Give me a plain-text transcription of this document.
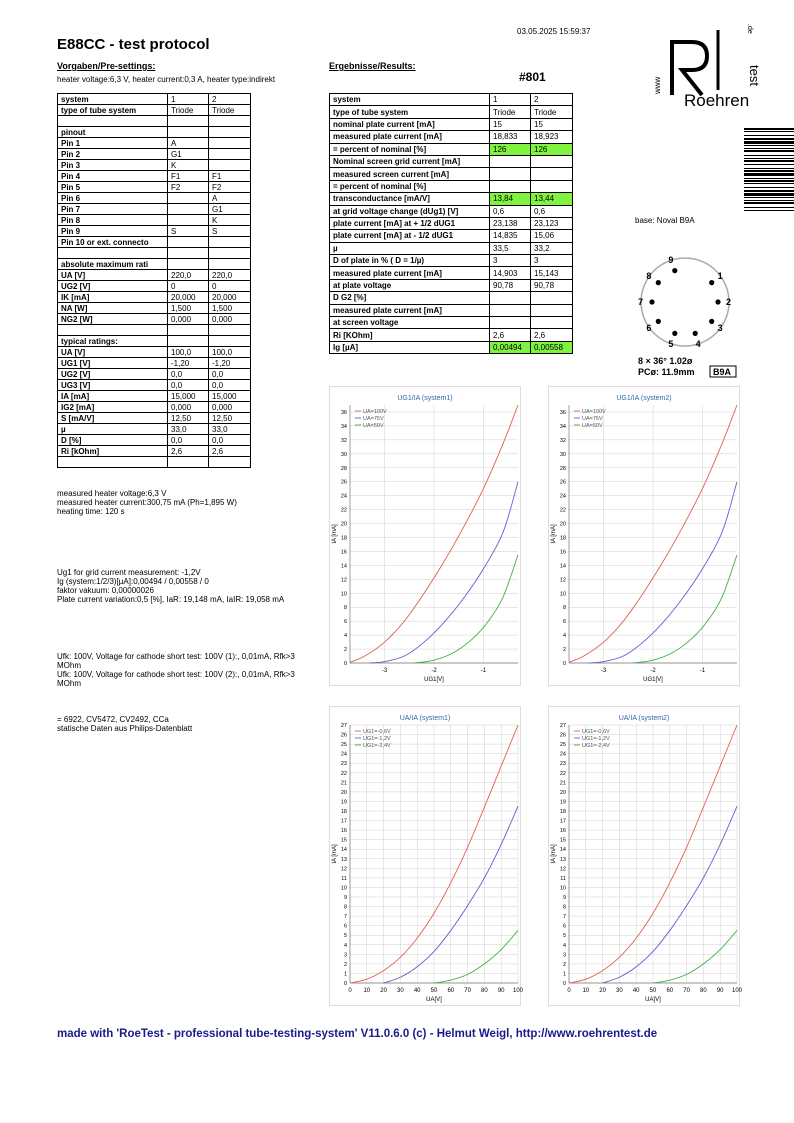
E88CC - test protocol
03.05.2025 15:59:37
Vorgaben/Pre-settings:	Ergebnisse/Results:
heater voltage:6,3 V, heater current:0,3 A, heater type:indirekt	#801	www
Roehren
test
.de
system	1	2
type of tube system	Triode	Triode

pinout		
Pin 1	A	
Pin 2	G1	
Pin 3	K	
Pin 4	F1	F1
Pin 5	F2	F2
Pin 6		A
Pin 7		G1
Pin 8		K
Pin 9	S	S
Pin 10 or ext. connecto		

absolute maximum rati		
UA [V]	220,0	220,0
UG2 [V]	0	0
IK [mA]	20,000	20,000
NA [W]	1,500	1,500
NG2 [W]	0,000	0,000

typical ratings:		
UA [V]	100,0	100,0
UG1 [V]	-1,20	-1,20
UG2 [V]	0,0	0,0
UG3 [V]	0,0	0,0
IA [mA]	15,000	15,000
IG2 [mA]	0,000	0,000
S [mA/V]	12,50	12,50
µ	33,0	33,0
D [%]	0,0	0,0
Ri [kOhm]	2,6	2,6

system	1	2
type of tube system	Triode	Triode
nominal plate current [mA]	15	15
measured plate current [mA]	18,833	18,923
= percent of nominal [%]	126	126
Nominal screen grid current [mA]		
measured screen current [mA]		
= percent of nominal [%]		
transconductance [mA/V]	13,84	13,44
at grid voltage change (dUg1) [V]	0,6	0,6
plate current [mA] at + 1/2 dUG1	23,138	23,123
plate current [mA] at - 1/2 dUG1	14,835	15,06
µ	33,5	33,2
D of plate in % ( D = 1/µ)	3	3
measured plate current [mA]	14,903	15,143
at plate voltage	90,78	90,78
D G2 [%]		
measured plate current [mA]		
at screen voltage		
Ri [KOhm]	2,6	2,6
Ig [µA]	0,00494	0,00558
base: Noval B9A
8 × 36° 1.02ø
PCø: 11.9mm B9A
1
2
3
4
5
6
7
8
9
measured heater voltage:6,3 V
measured heater current:300,75 mA (Ph=1,895 W)
heating time: 120 s
Ug1 for grid current measurement: -1,2V
Ig (system:1/2/3)[µA]:0,00494 / 0,00558 / 0
faktor vakuum: 0,00000026
Plate current variation:0,5 [%], IaR: 19,148 mA, IaIR: 19,058 mA
Ufk: 100V, Voltage for cathode short test: 100V (1):, 0,01mA, Rfk>3 MOhm
Ufk: 100V, Voltage for cathode short test: 100V (2):, 0,01mA, Rfk>3 MOhm
= 6922, CV5472, CV2492, CCa
statische Daten aus Philips-Datenblatt
UG1/IA (system1)
0
2
4
6
8
10
12
14
16
18
20
22
24
26
28
30
32
34
36
-3	-2	-1
UG1[V]
IA [mA]
UA=100V
UA=75V
UA=50V
UG1/IA (system2)
0
2
4
6
8
10
12
14
16
18
20
22
24
26
28
30
32
34
36
-3	-2	-1
UG1[V]
IA [mA]
UA=100V
UA=75V
UA=50V
UA/IA (system1)
0
1
2
3
4
5
6
7
8
9
10
11
12
13
14
15
16
17
18
19
20
21
22
23
24
25
26
27
0 10 20 30 40 50 60 70 80 90 100
UA[V]
IA [mA]
UG1=-0,6V
UG1=-1,2V
UG1=-2,4V
UA/IA (system2)
0
1
2
3
4
5
6
7
8
9
10
11
12
13
14
15
16
17
18
19
20
21
22
23
24
25
26
27
0 10 20 30 40 50 60 70 80 90 100
UA[V]
IA [mA]
UG1=-0,6V
UG1=-1,2V
UG1=-2,4V
made with 'RoeTest - professional tube-testing-system' V11.0.6.0 (c) - Helmut Weigl, http://www.roehrentest.de
